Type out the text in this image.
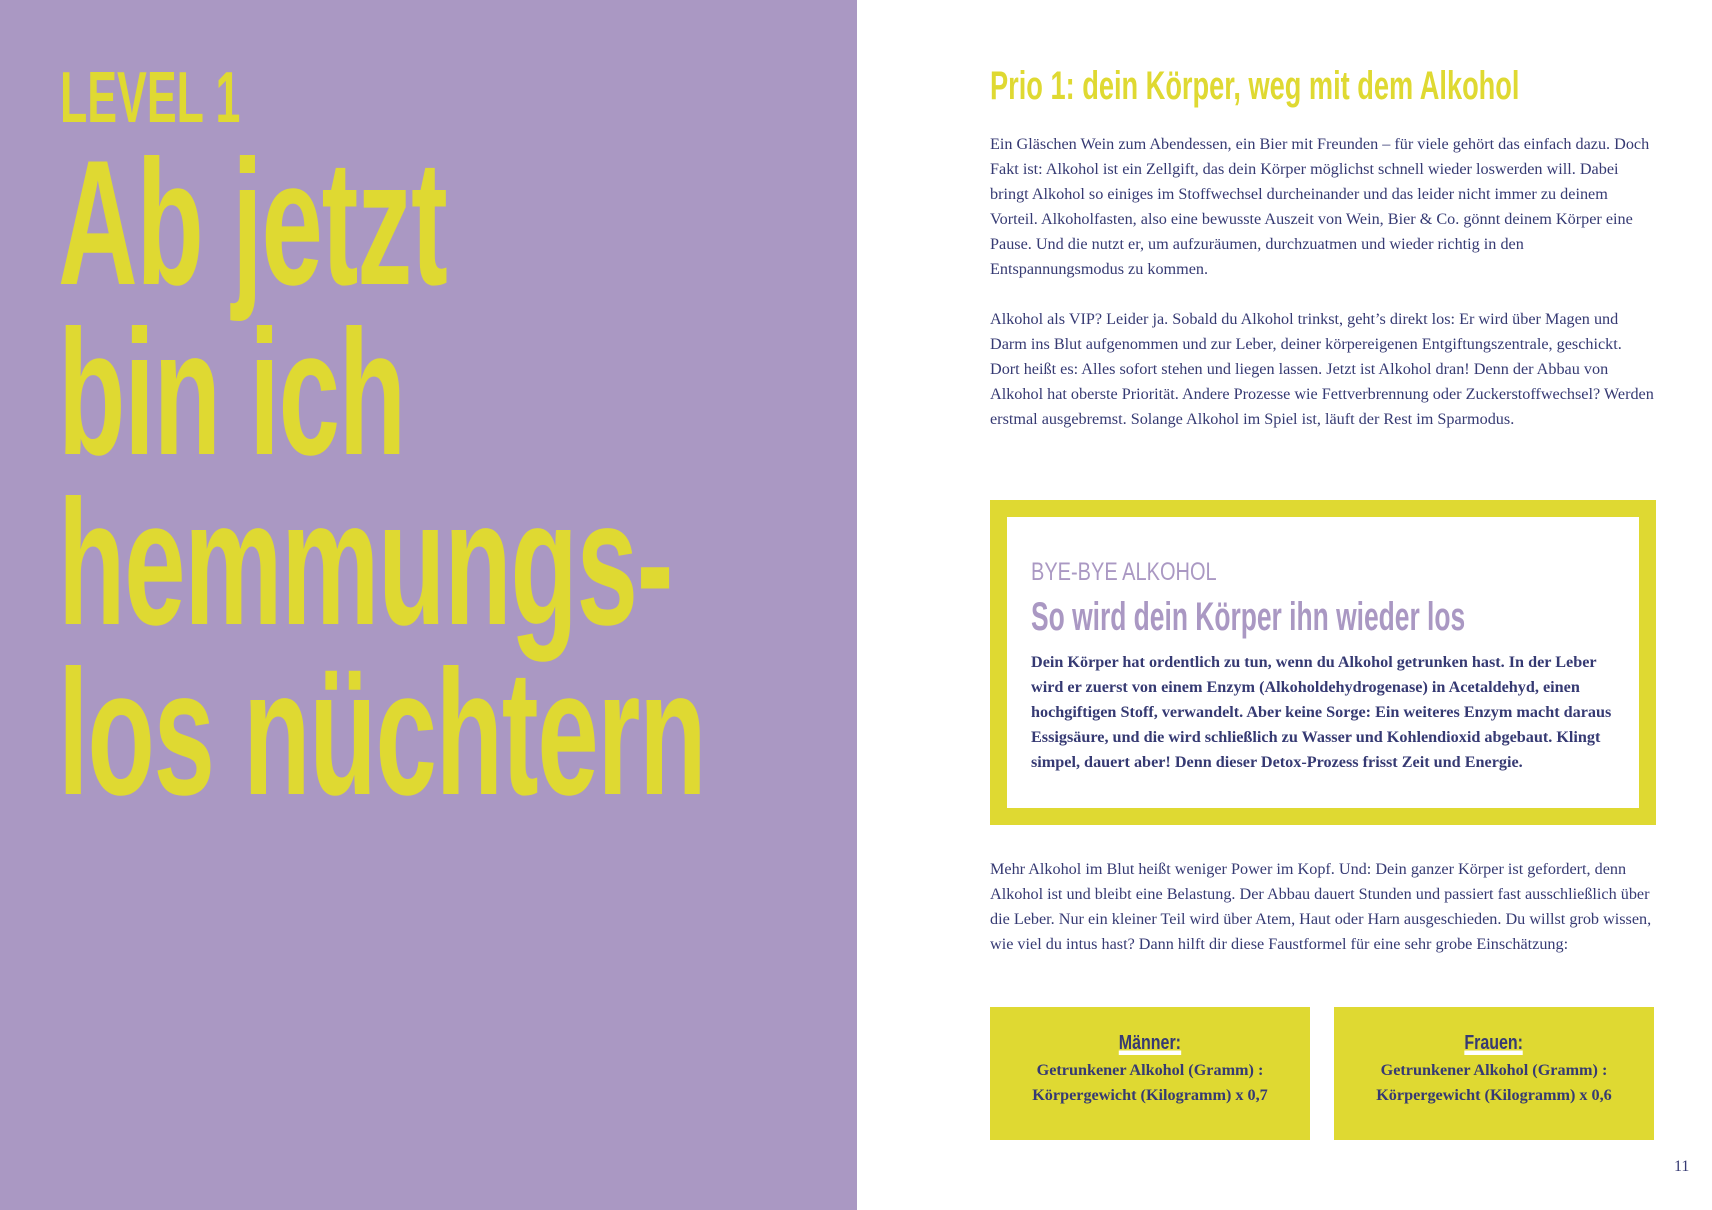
LEVEL 1
Ab jetzt
bin ich
hemmungs-
los nüchtern
Prio 1: dein Körper, weg mit dem Alkohol

Ein Gläschen Wein zum Abendessen, ein Bier mit Freunden – für viele gehört das einfach dazu. Doch Fakt ist: Alkohol ist ein Zellgift, das dein Körper möglichst schnell wieder loswerden will. Dabei bringt Alkohol so einiges im Stoffwechsel durcheinander und das leider nicht immer zu deinem Vorteil. Alkoholfasten, also eine bewusste Auszeit von Wein, Bier & Co. gönnt deinem Körper eine Pause. Und die nutzt er, um aufzuräumen, durchzuatmen und wieder richtig in den Entspannungsmodus zu kommen.

Alkohol als VIP? Leider ja. Sobald du Alkohol trinkst, geht’s direkt los: Er wird über Magen und Darm ins Blut aufgenommen und zur Leber, deiner körpereigenen Entgiftungszentrale, geschickt. Dort heißt es: Alles sofort stehen und liegen lassen. Jetzt ist Alkohol dran! Denn der Abbau von Alkohol hat oberste Priorität. Andere Prozesse wie Fettverbrennung oder Zuckerstoffwechsel? Werden erstmal ausgebremst. Solange Alkohol im Spiel ist, läuft der Rest im Sparmodus.

BYE-BYE ALKOHOL

So wird dein Körper ihn wieder los

Dein Körper hat ordentlich zu tun, wenn du Alkohol getrunken hast. In der Leber wird er zuerst von einem Enzym (Alkoholdehydrogenase) in Acetaldehyd, einen hochgiftigen Stoff, verwandelt. Aber keine Sorge: Ein weiteres Enzym macht daraus Essigsäure, und die wird schließlich zu Wasser und Kohlendioxid abgebaut. Klingt simpel, dauert aber! Denn dieser Detox-Prozess frisst Zeit und Energie.

Mehr Alkohol im Blut heißt weniger Power im Kopf. Und: Dein ganzer Körper ist gefordert, denn Alkohol ist und bleibt eine Belastung. Der Abbau dauert Stunden und passiert fast ausschließlich über die Leber. Nur ein kleiner Teil wird über Atem, Haut oder Harn ausgeschieden. Du willst grob wissen, wie viel du intus hast? Dann hilft dir diese Faustformel für eine sehr grobe Einschätzung:

Männer:

Getrunkener Alkohol (Gramm) :
Körpergewicht (Kilogramm) x 0,7

Frauen:

Getrunkener Alkohol (Gramm) :
Körpergewicht (Kilogramm) x 0,6

11
